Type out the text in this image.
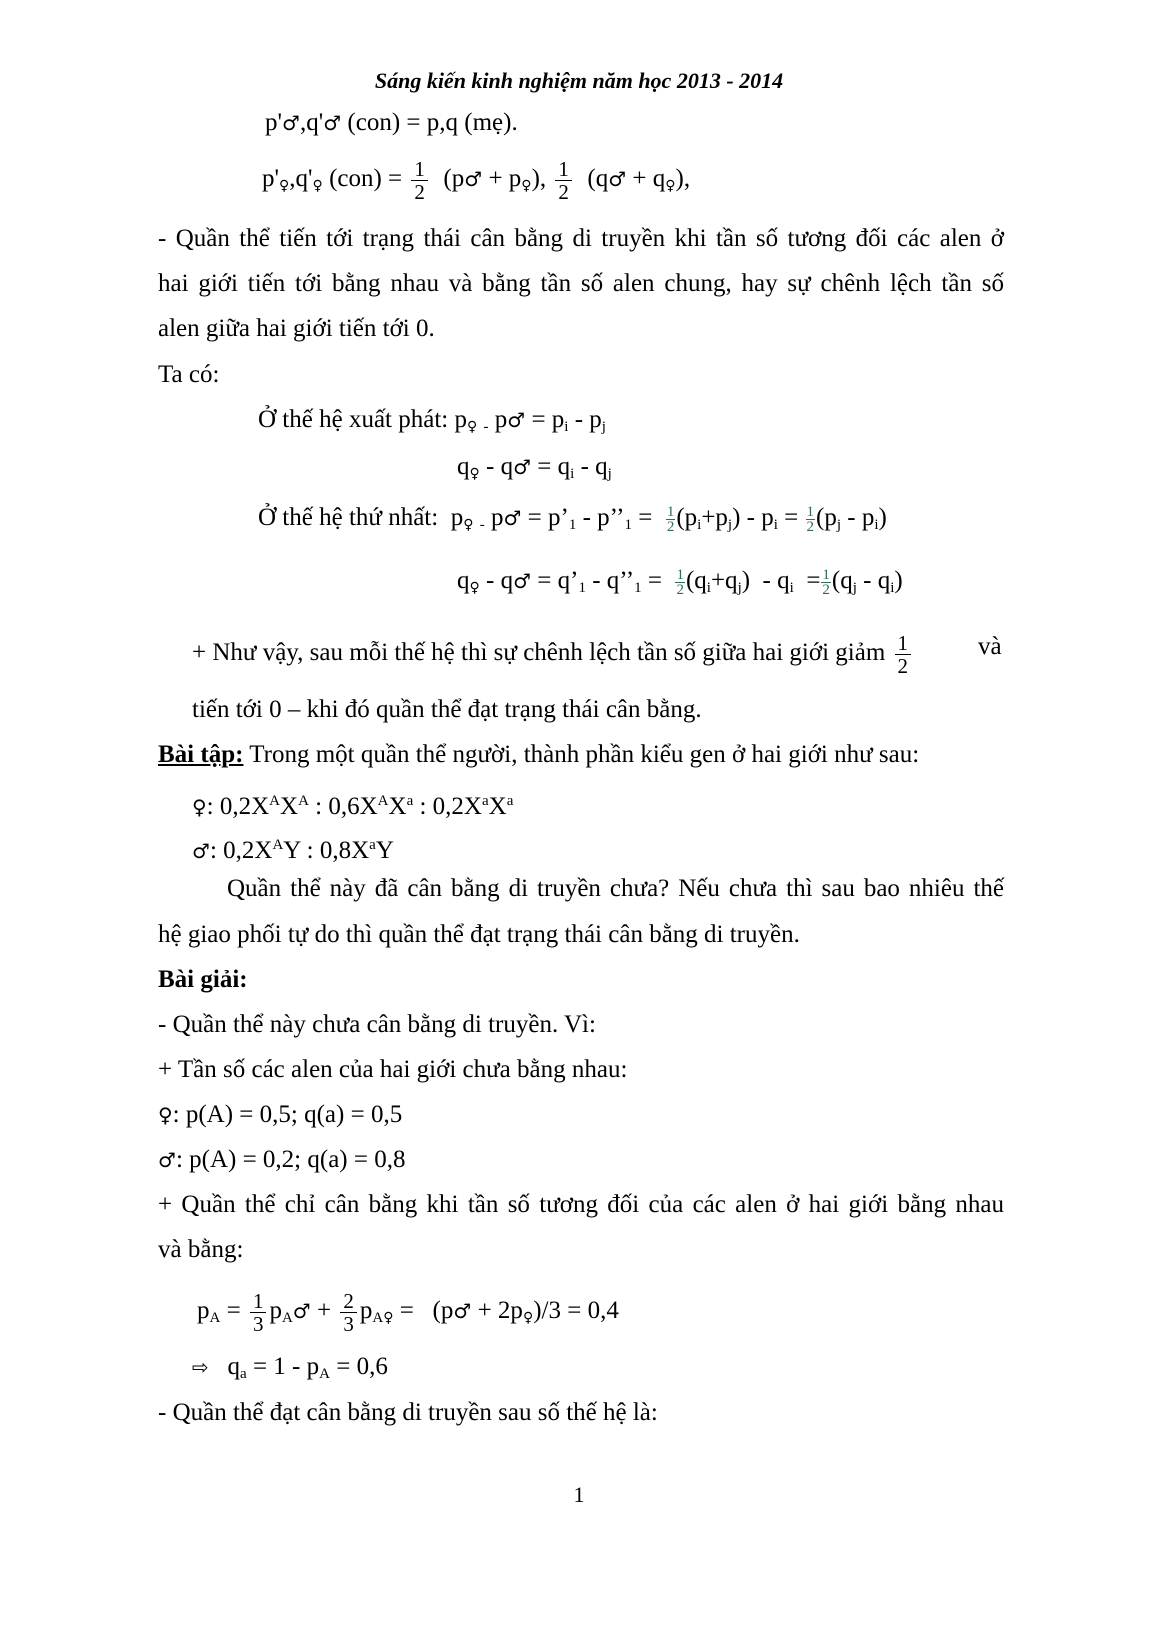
Sáng kiến kinh nghiệm năm học 2013 - 2014
p'♂,q'♂ (con) = p,q (mẹ).
p'♀,q'♀ $(con) = \frac{1}{2}$ (p♂ + p♀), $\frac{1}{2}$ (q♂ + q♀),
- Quần thể tiến tới trạng thái cân bằng di truyền khi tần số tương đối các alen ở
hai giới tiến tới bằng nhau và bằng tần số alen chung, hay sự chênh lệch tần số
alen giữa hai giới tiến tới 0.
Ta có:
Ở thế hệ xuất phát: p♀ $_-$ p♂ = $p_i - p_j$
q♀ - q♂ = $q_i - q_j$
Ở thế hệ thứ nhất:  p♀ $_-$ p♂ = $p’_1$ - $p’’_1 = \frac{1}{2} (p_i+p_j) - p_i = \frac{1}{2} (p_j - p_i)$
q♀ - q♂ = $q’_1$ - $q’’_1 = \frac{1}{2} (q_i+q_j) - q_i = \frac{1}{2} (q_j - q_i)$
+ Như vậy, sau mỗi thế hệ thì sự chênh lệch tần số giữa hai giới giảm $\frac{1}{2}$	và
tiến tới 0 – khi đó quần thể đạt trạng thái cân bằng.
Bài tập: Trong một quần thể người, thành phần kiểu gen ở hai giới như sau:
♀: $0,2X^AX^A$ : $0,6X^AX^a$ : $0,2X^aX^a$
♂: $0,2X^AY$ : $0,8X^aY$
Quần thể này đã cân bằng di truyền chưa? Nếu chưa thì sau bao nhiêu thế
hệ giao phối tự do thì quần thể đạt trạng thái cân bằng di truyền.
Bài giải:
- Quần thể này chưa cân bằng di truyền. Vì:
+ Tần số các alen của hai giới chưa bằng nhau:
♀: p(A) = 0,5; q(a) = 0,5
♂: p(A) = 0,2; q(a) = 0,8
+ Quần thể chỉ cân bằng khi tần số tương đối của các alen ở hai giới bằng nhau
và bằng:
$p_A = \frac{1}{3}$ $p_A♂ + \frac{2}{3}$ $p_A♀$ =   (p♂ + 2p♀)/3 = 0,4
⇨   $q_a = 1 - p_A = 0,6$
- Quần thể đạt cân bằng di truyền sau số thế hệ là:
1
